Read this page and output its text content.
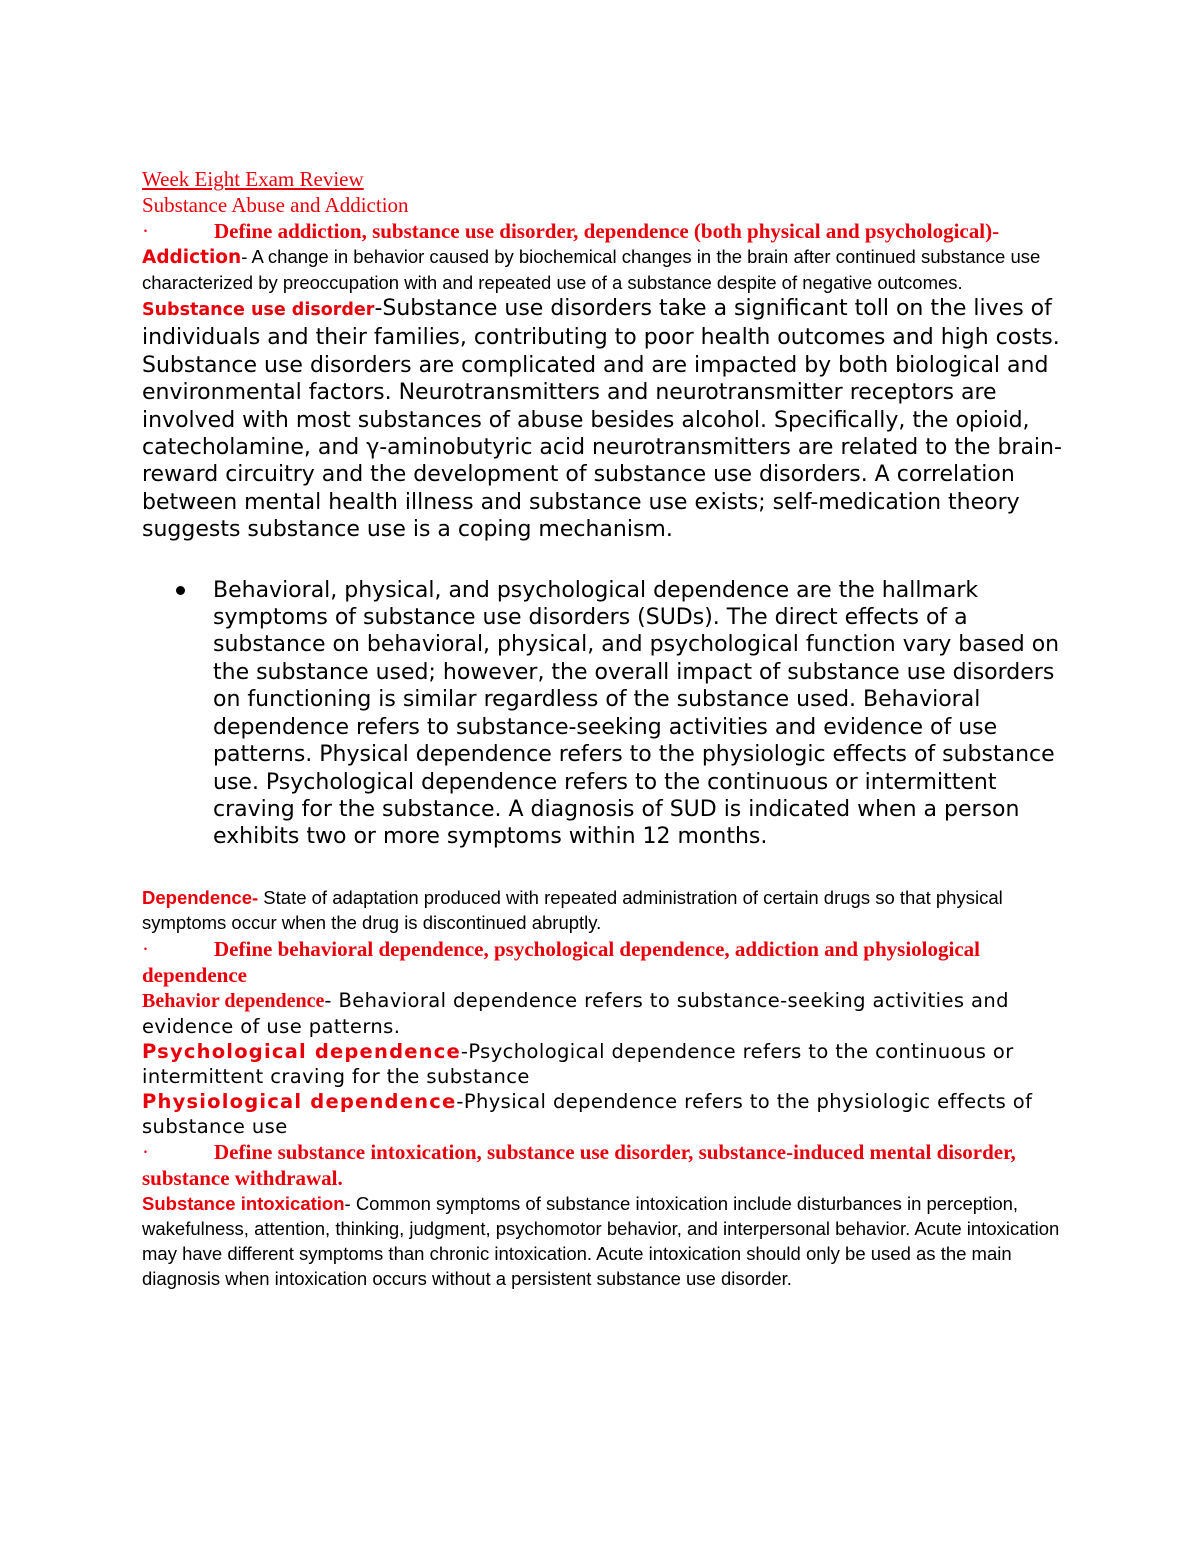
Week Eight Exam Review

Substance Abuse and Addiction

·	Define addiction, substance use disorder, dependence (both physical and psychological)-

Addiction- A change in behavior caused by biochemical changes in the brain after continued substance use characterized by preoccupation with and repeated use of a substance despite of negative outcomes.

Substance use disorder-Substance use disorders take a significant toll on the lives of individuals and their families, contributing to poor health outcomes and high costs. Substance use disorders are complicated and are impacted by both biological and environmental factors. Neurotransmitters and neurotransmitter receptors are involved with most substances of abuse besides alcohol. Specifically, the opioid, catecholamine, and γ-aminobutyric acid neurotransmitters are related to the brain-reward circuitry and the development of substance use disorders. A correlation between mental health illness and substance use exists; self-medication theory suggests substance use is a coping mechanism.

Behavioral, physical, and psychological dependence are the hallmark symptoms of substance use disorders (SUDs). The direct effects of a substance on behavioral, physical, and psychological function vary based on the substance used; however, the overall impact of substance use disorders on functioning is similar regardless of the substance used. Behavioral dependence refers to substance-seeking activities and evidence of use patterns. Physical dependence refers to the physiologic effects of substance use. Psychological dependence refers to the continuous or intermittent craving for the substance. A diagnosis of SUD is indicated when a person exhibits two or more symptoms within 12 months.

Dependence- State of adaptation produced with repeated administration of certain drugs so that physical symptoms occur when the drug is discontinued abruptly.

·	Define behavioral dependence, psychological dependence, addiction and physiological dependence

Behavior dependence- Behavioral dependence refers to substance-seeking activities and evidence of use patterns.

Psychological dependence-Psychological dependence refers to the continuous or intermittent craving for the substance

Physiological dependence-Physical dependence refers to the physiologic effects of substance use

·	Define substance intoxication, substance use disorder, substance-induced mental disorder, substance withdrawal.

Substance intoxication- Common symptoms of substance intoxication include disturbances in perception, wakefulness, attention, thinking, judgment, psychomotor behavior, and interpersonal behavior. Acute intoxication may have different symptoms than chronic intoxication. Acute intoxication should only be used as the main diagnosis when intoxication occurs without a persistent substance use disorder.
